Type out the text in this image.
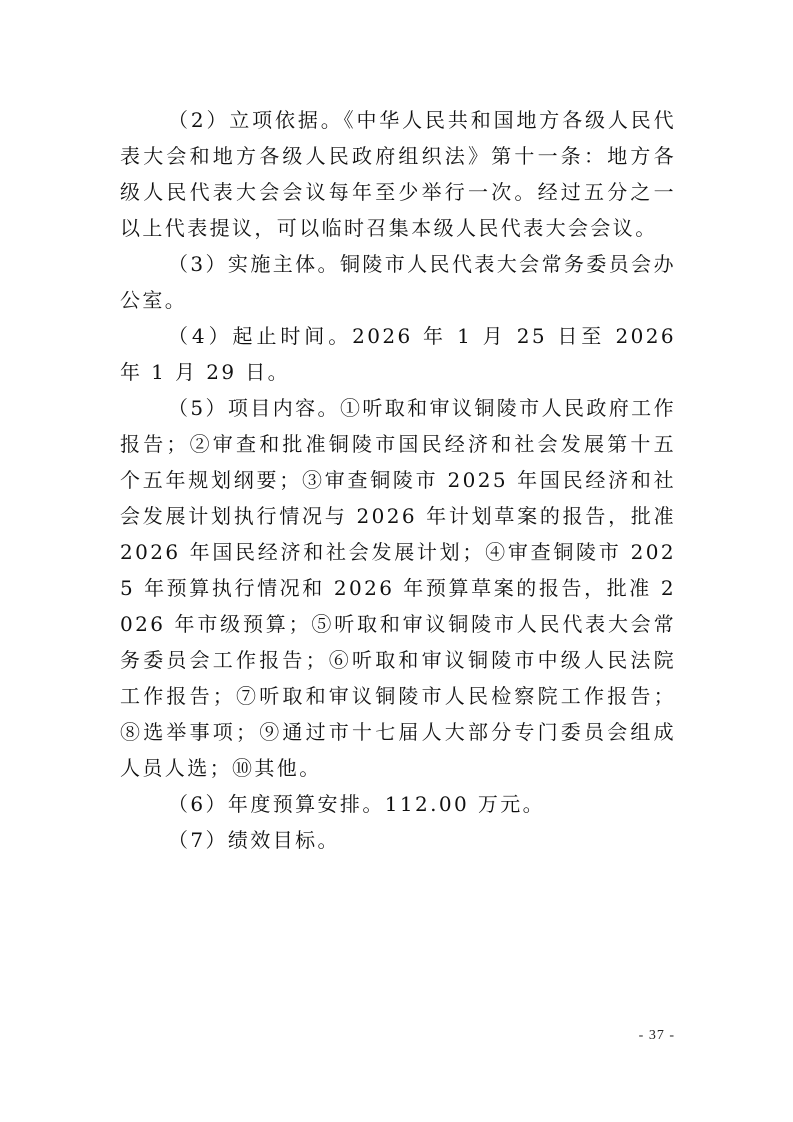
（2）立项依据。《中华人民共和国地方各级人民代表大会和地方各级人民政府组织法》第十一条：地方各级人民代表大会会议每年至少举行一次。经过五分之一以上代表提议，可以临时召集本级人民代表大会会议。

（3）实施主体。铜陵市人民代表大会常务委员会办公室。

（4）起止时间。2026 年 1 月 25 日至 2026 年 1 月 29 日。

（5）项目内容。①听取和审议铜陵市人民政府工作报告；②审查和批准铜陵市国民经济和社会发展第十五个五年规划纲要；③审查铜陵市 2025 年国民经济和社会发展计划执行情况与 2026 年计划草案的报告，批准 2026 年国民经济和社会发展计划；④审查铜陵市 2025 年预算执行情况和 2026 年预算草案的报告，批准 2026 年市级预算；⑤听取和审议铜陵市人民代表大会常务委员会工作报告；⑥听取和审议铜陵市中级人民法院工作报告；⑦听取和审议铜陵市人民检察院工作报告；⑧选举事项；⑨通过市十七届人大部分专门委员会组成人员人选；⑩其他。

（6）年度预算安排。112.00 万元。

（7）绩效目标。

- 37 -
